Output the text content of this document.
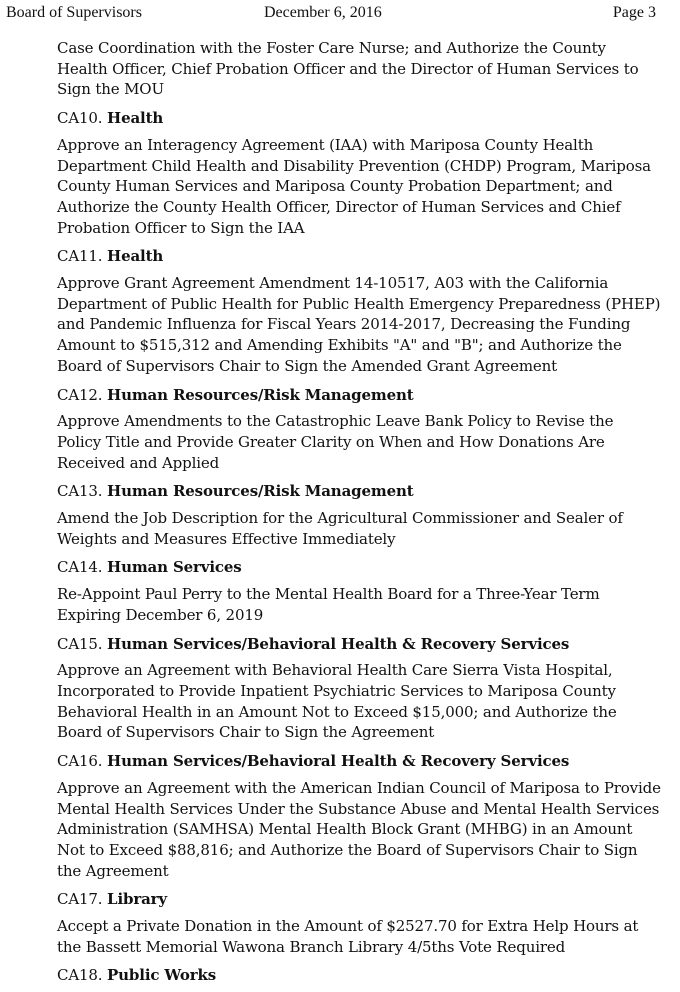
Board of Supervisors	December 6, 2016	Page 3

Case Coordination with the Foster Care Nurse; and Authorize the County
Health Officer, Chief Probation Officer and the Director of Human Services to
Sign the MOU

CA10. Health

Approve an Interagency Agreement (IAA) with Mariposa County Health
Department Child Health and Disability Prevention (CHDP) Program, Mariposa
County Human Services and Mariposa County Probation Department; and
Authorize the County Health Officer, Director of Human Services and Chief
Probation Officer to Sign the IAA

CA11. Health

Approve Grant Agreement Amendment 14-10517, A03 with the California
Department of Public Health for Public Health Emergency Preparedness (PHEP)
and Pandemic Influenza for Fiscal Years 2014-2017, Decreasing the Funding
Amount to $515,312 and Amending Exhibits "A" and "B"; and Authorize the
Board of Supervisors Chair to Sign the Amended Grant Agreement

CA12. Human Resources/Risk Management

Approve Amendments to the Catastrophic Leave Bank Policy to Revise the
Policy Title and Provide Greater Clarity on When and How Donations Are
Received and Applied

CA13. Human Resources/Risk Management

Amend the Job Description for the Agricultural Commissioner and Sealer of
Weights and Measures Effective Immediately

CA14. Human Services

Re-Appoint Paul Perry to the Mental Health Board for a Three-Year Term
Expiring December 6, 2019

CA15. Human Services/Behavioral Health & Recovery Services

Approve an Agreement with Behavioral Health Care Sierra Vista Hospital,
Incorporated to Provide Inpatient Psychiatric Services to Mariposa County
Behavioral Health in an Amount Not to Exceed $15,000; and Authorize the
Board of Supervisors Chair to Sign the Agreement

CA16. Human Services/Behavioral Health & Recovery Services

Approve an Agreement with the American Indian Council of Mariposa to Provide
Mental Health Services Under the Substance Abuse and Mental Health Services
Administration (SAMHSA) Mental Health Block Grant (MHBG) in an Amount
Not to Exceed $88,816; and Authorize the Board of Supervisors Chair to Sign
the Agreement

CA17. Library

Accept a Private Donation in the Amount of $2527.70 for Extra Help Hours at
the Bassett Memorial Wawona Branch Library 4/5ths Vote Required

CA18. Public Works
